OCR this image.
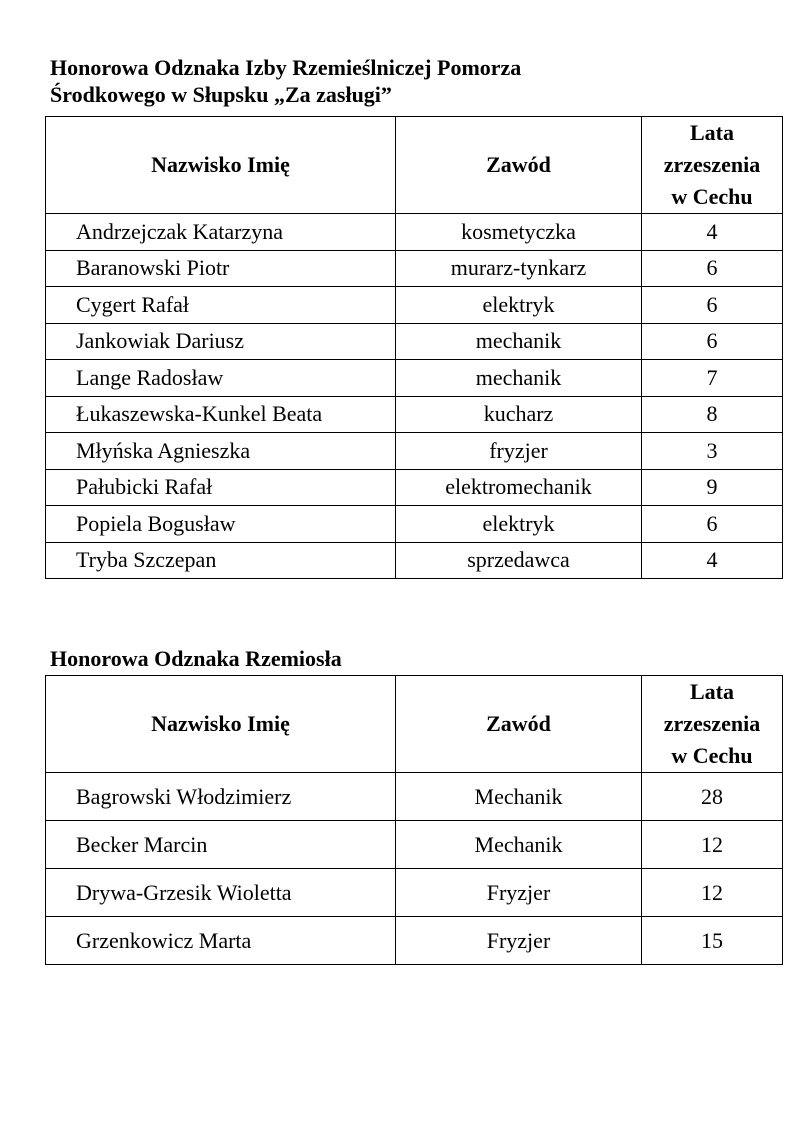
Honorowa Odznaka Izby Rzemieślniczej Pomorza
Środkowego w Słupsku „Za zasługi”
Nazwisko Imię	Zawód	Lata
zrzeszenia
w Cechu

Andrzejczak Katarzyna	kosmetyczka	4
Baranowski Piotr	murarz-tynkarz	6
Cygert Rafał	elektryk	6
Jankowiak Dariusz	mechanik	6
Lange Radosław	mechanik	7
Łukaszewska-Kunkel Beata	kucharz	8
Młyńska Agnieszka	fryzjer	3
Pałubicki Rafał	elektromechanik	9
Popiela Bogusław	elektryk	6
Tryba Szczepan	sprzedawca	4
Honorowa Odznaka Rzemiosła
Nazwisko Imię	Zawód	Lata
zrzeszenia
w Cechu

Bagrowski Włodzimierz	Mechanik	28
Becker Marcin	Mechanik	12
Drywa-Grzesik Wioletta	Fryzjer	12
Grzenkowicz Marta	Fryzjer	15
